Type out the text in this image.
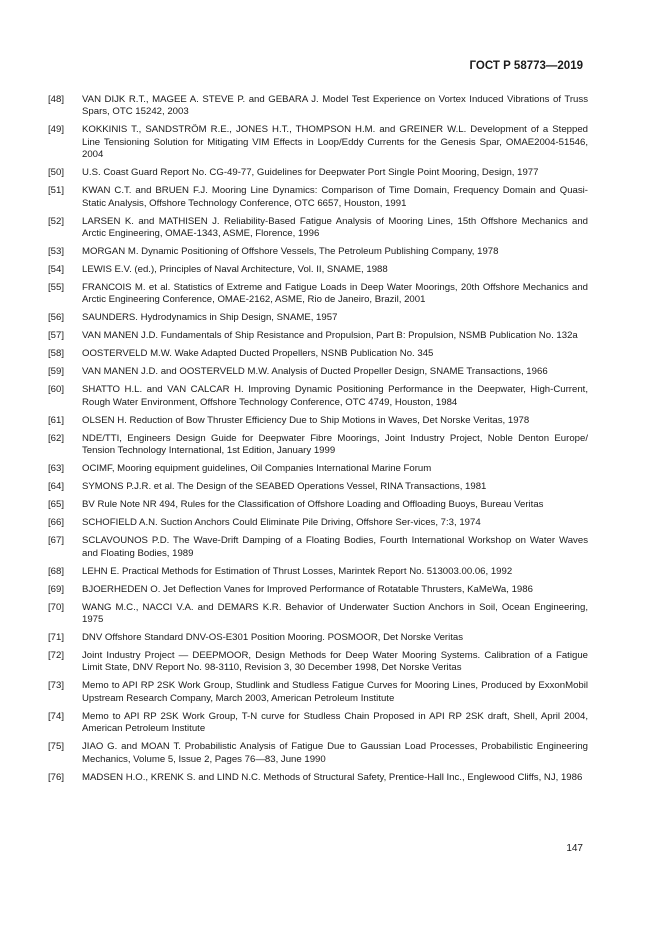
ГОСТ Р 58773—2019
[48]	VAN DIJK R.T., MAGEE A. STEVE P. and GEBARA J. Model Test Experience on Vortex Induced Vibrations of Truss Spars, OTC 15242, 2003
[49]	KOKKINIS T., SANDSTRÖM R.E., JONES H.T., THOMPSON H.M. and GREINER W.L. Development of a Stepped Line Tensioning Solution for Mitigating VIM Effects in Loop/Eddy Currents for the Genesis Spar, OMAE2004-51546, 2004
[50]	U.S. Coast Guard Report No. CG-49-77, Guidelines for Deepwater Port Single Point Mooring, Design, 1977
[51]	KWAN C.T. and BRUEN F.J. Mooring Line Dynamics: Comparison of Time Domain, Frequency Domain and Quasi-Static Analysis, Offshore Technology Conference, OTC 6657, Houston, 1991
[52]	LARSEN K. and MATHISEN J. Reliability-Based Fatigue Analysis of Mooring Lines, 15th Offshore Mechanics and Arctic Engineering, OMAE-1343, ASME, Florence, 1996
[53]	MORGAN M. Dynamic Positioning of Offshore Vessels, The Petroleum Publishing Company, 1978
[54]	LEWIS E.V. (ed.), Principles of Naval Architecture, Vol. II, SNAME, 1988
[55]	FRANCOIS M. et al. Statistics of Extreme and Fatigue Loads in Deep Water Moorings, 20th Offshore Mechanics and Arctic Engineering Conference, OMAE-2162, ASME, Rio de Janeiro, Brazil, 2001
[56]	SAUNDERS. Hydrodynamics in Ship Design, SNAME, 1957
[57]	VAN MANEN J.D. Fundamentals of Ship Resistance and Propulsion, Part B: Propulsion, NSMB Publication No. 132a
[58]	OOSTERVELD M.W. Wake Adapted Ducted Propellers, NSNB Publication No. 345
[59]	VAN MANEN J.D. and OOSTERVELD M.W. Analysis of Ducted Propeller Design, SNAME Transactions, 1966
[60]	SHATTO H.L. and VAN CALCAR H. Improving Dynamic Positioning Performance in the Deepwater, High-Current, Rough Water Environment, Offshore Technology Conference, OTC 4749, Houston, 1984
[61]	OLSEN H. Reduction of Bow Thruster Efficiency Due to Ship Motions in Waves, Det Norske Veritas, 1978
[62]	NDE/TTI, Engineers Design Guide for Deepwater Fibre Moorings, Joint Industry Project, Noble Denton Europe/ Tension Technology International, 1st Edition, January 1999
[63]	OCIMF, Mooring equipment guidelines, Oil Companies International Marine Forum
[64]	SYMONS P.J.R. et al. The Design of the SEABED Operations Vessel, RINA Transactions, 1981
[65]	BV Rule Note NR 494, Rules for the Classification of Offshore Loading and Offloading Buoys, Bureau Veritas
[66]	SCHOFIELD A.N. Suction Anchors Could Eliminate Pile Driving, Offshore Ser-vices, 7:3, 1974
[67]	SCLAVOUNOS P.D. The Wave-Drift Damping of a Floating Bodies, Fourth International Workshop on Water Waves and Floating Bodies, 1989
[68]	LEHN E. Practical Methods for Estimation of Thrust Losses, Marintek Report No. 513003.00.06, 1992
[69]	BJOERHEDEN O. Jet Deflection Vanes for Improved Performance of Rotatable Thrusters, KaMeWa, 1986
[70]	WANG M.C., NACCI V.A. and DEMARS K.R. Behavior of Underwater Suction Anchors in Soil, Ocean Engineering, 1975
[71]	DNV Offshore Standard DNV-OS-E301 Position Mooring. POSMOOR, Det Norske Veritas
[72]	Joint Industry Project — DEEPMOOR, Design Methods for Deep Water Mooring Systems. Calibration of a Fatigue Limit State, DNV Report No. 98-3110, Revision 3, 30 December 1998, Det Norske Veritas
[73]	Memo to API RP 2SK Work Group, Studlink and Studless Fatigue Curves for Mooring Lines, Produced by ExxonMobil Upstream Research Company, March 2003, American Petroleum Institute
[74]	Memo to API RP 2SK Work Group, T-N curve for Studless Chain Proposed in API RP 2SK draft, Shell, April 2004, American Petroleum Institute
[75]	JIAO G. and MOAN T. Probabilistic Analysis of Fatigue Due to Gaussian Load Processes, Probabilistic Engineering Mechanics, Volume 5, Issue 2, Pages 76—83, June 1990
[76]	MADSEN H.O., KRENK S. and LIND N.C. Methods of Structural Safety, Prentice-Hall Inc., Englewood Cliffs, NJ, 1986
147
